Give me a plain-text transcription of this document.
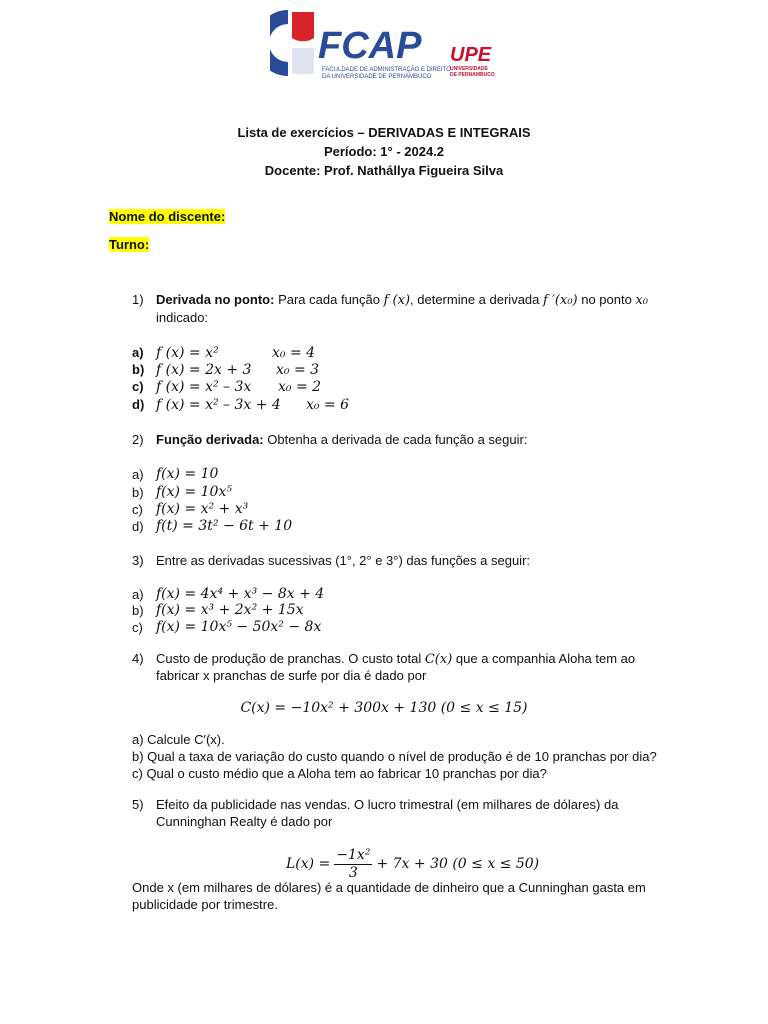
FCAP
FACULDADE DE ADMINISTRAÇÃO E DIREITO
DA UNIVERSIDADE DE PERNAMBUCO
UPE
UNIVERSIDADE
DE PERNAMBUCO
Lista de exercícios – DERIVADAS E INTEGRAIS
Período: 1° - 2024.2
Docente: Prof. Nathállya Figueira Silva
Nome do discente:
Turno:
1) Derivada no ponto: Para cada função f (x), determine a derivada f ′(x₀) no ponto x₀
indicado:
a) f (x) = x²	x₀ = 4
b) f (x) = 2x + 3 x₀ = 3
c) f (x) = x² – 3x x₀ = 2
d) f (x) = x² – 3x + 4 x₀ = 6
2) Função derivada: Obtenha a derivada de cada função a seguir:
a) f(x) = 10
b) f(x) = 10x⁵
c) f(x) = x² + x³
d) f(t) = 3t² − 6t + 10
3) Entre as derivadas sucessivas (1°, 2° e 3°) das funções a seguir:
a) f(x) = 4x⁴ + x³ − 8x + 4
b) f(x) = x³ + 2x² + 15x
c) f(x) = 10x⁵ − 50x² − 8x
4) Custo de produção de pranchas. O custo total C(x) que a companhia Aloha tem ao
fabricar x pranchas de surfe por dia é dado por
C(x) = −10x² + 300x + 130 (0 ≤ x ≤ 15)
a) Calcule C′(x).
b) Qual a taxa de variação do custo quando o nível de produção é de 10 pranchas por dia?
c) Qual o custo médio que a Aloha tem ao fabricar 10 pranchas por dia?
5) Efeito da publicidade nas vendas. O lucro trimestral (em milhares de dólares) da
Cunninghan Realty é dado por
$L(x) = \frac{\text{−1x²}}{3} + 7x + 30$ (0 ≤ x ≤ 50)
Onde x (em milhares de dólares) é a quantidade de dinheiro que a Cunninghan gasta em
publicidade por trimestre.
